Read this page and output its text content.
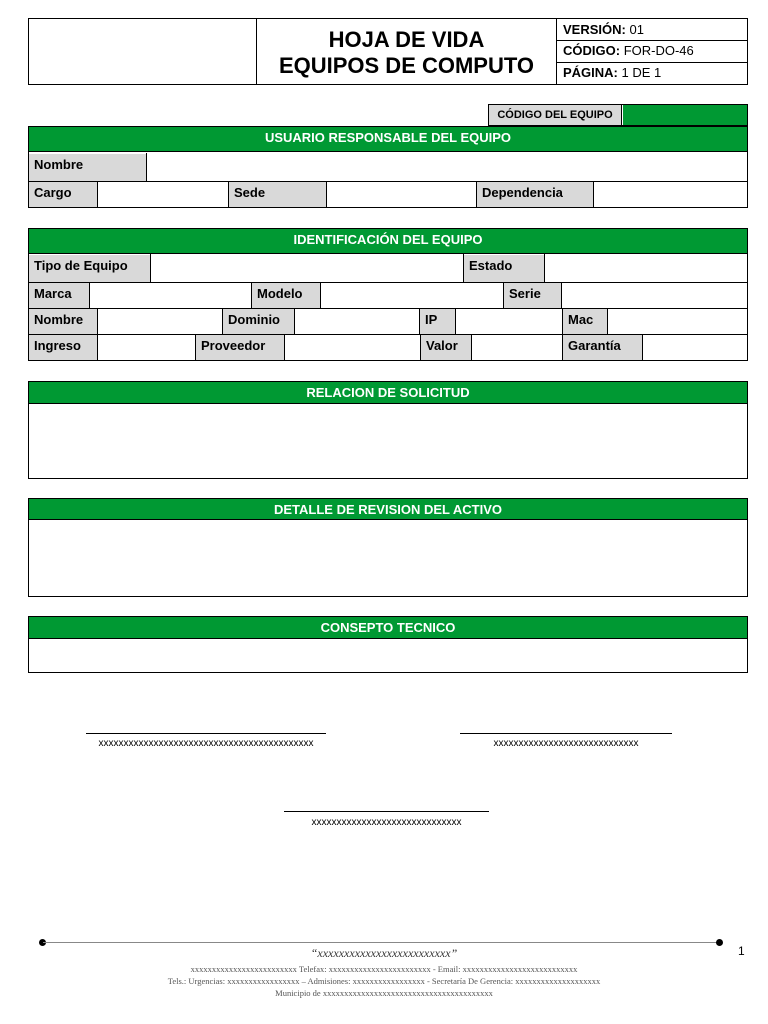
HOJA DE VIDA
EQUIPOS DE COMPUTO
VERSIÓN: 01
CÓDIGO: FOR-DO-46
PÁGINA: 1 DE 1
CÓDIGO DEL EQUIPO
USUARIO RESPONSABLE DEL EQUIPO
Nombre
Cargo	Sede	Dependencia
IDENTIFICACIÓN DEL EQUIPO
Tipo de Equipo	Estado
Marca	Modelo	Serie
Nombre	Dominio	IP	Mac
Ingreso	Proveedor	Valor	Garantía
RELACION DE SOLICITUD
DETALLE DE REVISION DEL ACTIVO
CONSEPTO TECNICO
xxxxxxxxxxxxxxxxxxxxxxxxxxxxxxxxxxxxxxxxxxx	xxxxxxxxxxxxxxxxxxxxxxxxxxxxx
xxxxxxxxxxxxxxxxxxxxxxxxxxxxxx
1
“xxxxxxxxxxxxxxxxxxxxxxxxx”
xxxxxxxxxxxxxxxxxxxxxxxxx Telefax: xxxxxxxxxxxxxxxxxxxxxxxx - Email: xxxxxxxxxxxxxxxxxxxxxxxxxxx
Tels.: Urgencias: xxxxxxxxxxxxxxxxx – Admisiones: xxxxxxxxxxxxxxxxx - Secretaría De Gerencia: xxxxxxxxxxxxxxxxxxxx
Municipio de xxxxxxxxxxxxxxxxxxxxxxxxxxxxxxxxxxxxxxxx
